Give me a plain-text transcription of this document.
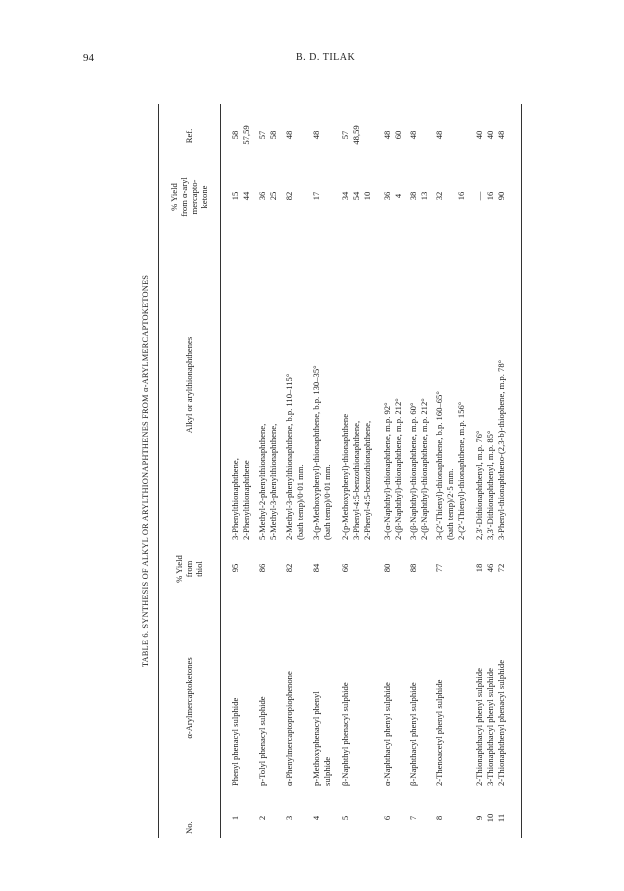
94	B. D. TILAK
TABLE 6. SYNTHESIS OF ALKYL OR ARYLTHIONAPHTHENES FROM α-ARYLMERCAPTOKETONES
No.
α-Arylmercaptoketones
% Yield
from
thiol
Alkyl or arylthionaphthenes
% Yield
from α-aryl
mercapto-
ketone
Ref.
1
Phenyl phenacyl sulphide
95
3-Phenylthionaphthene, 2-Phenylthionaphthene
15 44
58 57,59
2
p-Tolyl phenacyl sulphide
86
5-Methyl-2-phenylthionaphthene, 5-Methyl-3-phenylthionaphthene,
36 25
57 58
3
α-Phenylmercaptopropiophenone
82
2-Methyl-3-phenylthionaphthene, b.p. 110–115° (bath temp)/0·01 mm.
82
48
4
p-Methoxyphenacyl phenyl sulphide
84
3-(p-Methoxyphenyl)-thionaphthene, b.p. 130–35° (bath temp)/0·01 mm.
17
48
5
β-Naphthyl phenacyl sulphide
66
2-(p-Methoxyphenyl)-thionaphthene 3-Phenyl-4:5-benzothionaphthene, 2-Phenyl-4:5-benzothionaphthene,
34 54 10
57 48,59
6
α-Naphthacyl phenyl sulphide
80
3-(α-Naphthyl)-thionaphthene, m.p. 92° 2-(β-Naphthyl)-thionaphthene, m.p. 212°
36 4
48 60
7
β-Naphthacyl phenyl sulphide
88
3-(β-Naphthyl)-thionaphthene, m.p. 60° 2-(β-Naphthyl)-thionaphthene, m.p. 212°
38 13
48
8
2-Thenoacetyl phenyl sulphide
77
3-(2′-Thienyl)-thionaphthene, b.p. 160–65° (bath temp)/2·5 mm. 2-(2′-Thienyl)-thionaphthene, m.p. 156°
32
16
48
9
2-Thionaphthacyl phenyl sulphide
18
2,3′-Dithionaphthenyl, m.p. 76°
—
40
10
3-Thionaphthacyl phenyl sulphide
46
3,3′-Dithionaphthenyl, m.p. 85°
16
40
11
2-Thionaphthenyl phenacyl sulphide
72
3-Phenyl-thionaphtheno-(2,3-b)-thiophene, m.p. 78°
90
48
